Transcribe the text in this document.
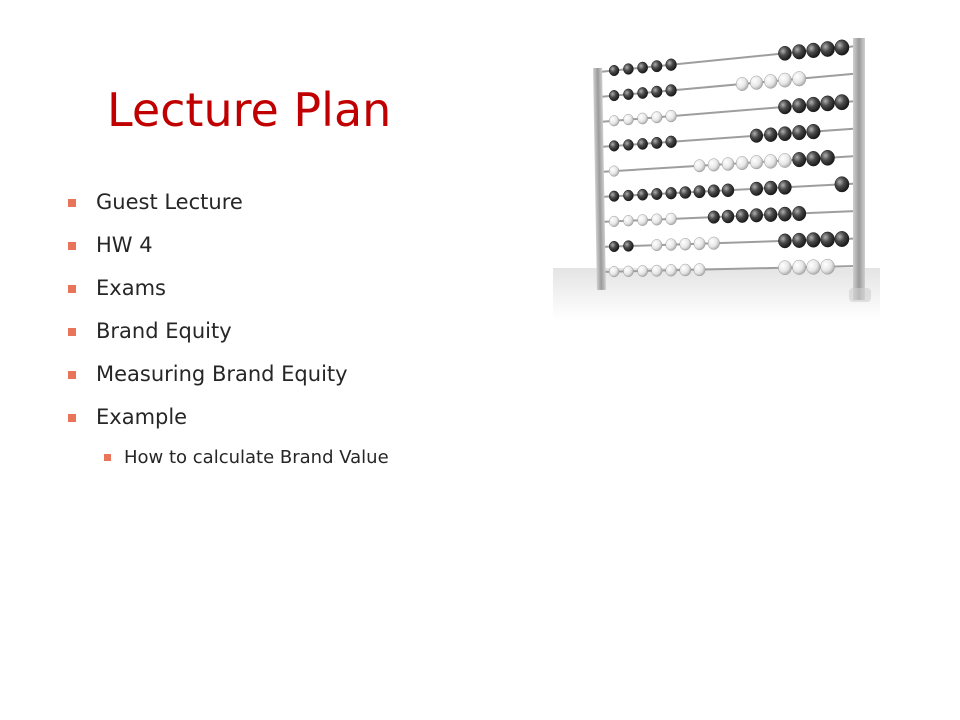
Lecture Plan
Guest Lecture
HW 4
Exams
Brand Equity
Measuring Brand Equity
Example
How to calculate Brand Value
